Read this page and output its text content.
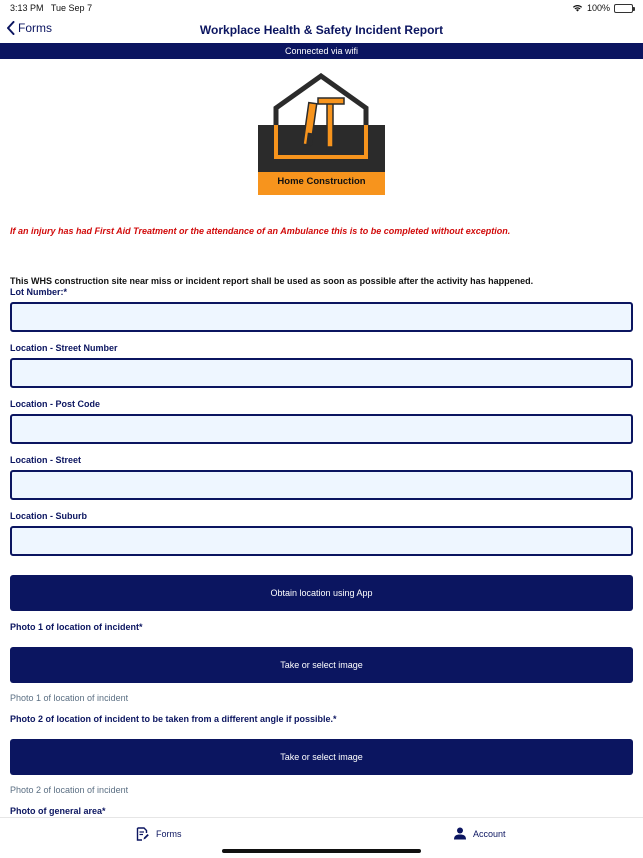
3:13 PM Tue Sep 7	100%
Forms	Workplace Health & Safety Incident Report
Connected via wifi
Home Construction
If an injury has had First Aid Treatment or the attendance of an Ambulance this is to be completed without exception.
This WHS construction site near miss or incident report shall be used as soon as possible after the activity has happened.
Lot Number:*
Location - Street Number
Location - Post Code
Location - Street
Location - Suburb
Obtain location using App
Photo 1 of location of incident*
Take or select image
Photo 1 of location of incident
Photo 2 of location of incident to be taken from a different angle if possible.*
Take or select image
Photo 2 of location of incident
Photo of general area*
Forms	Account
